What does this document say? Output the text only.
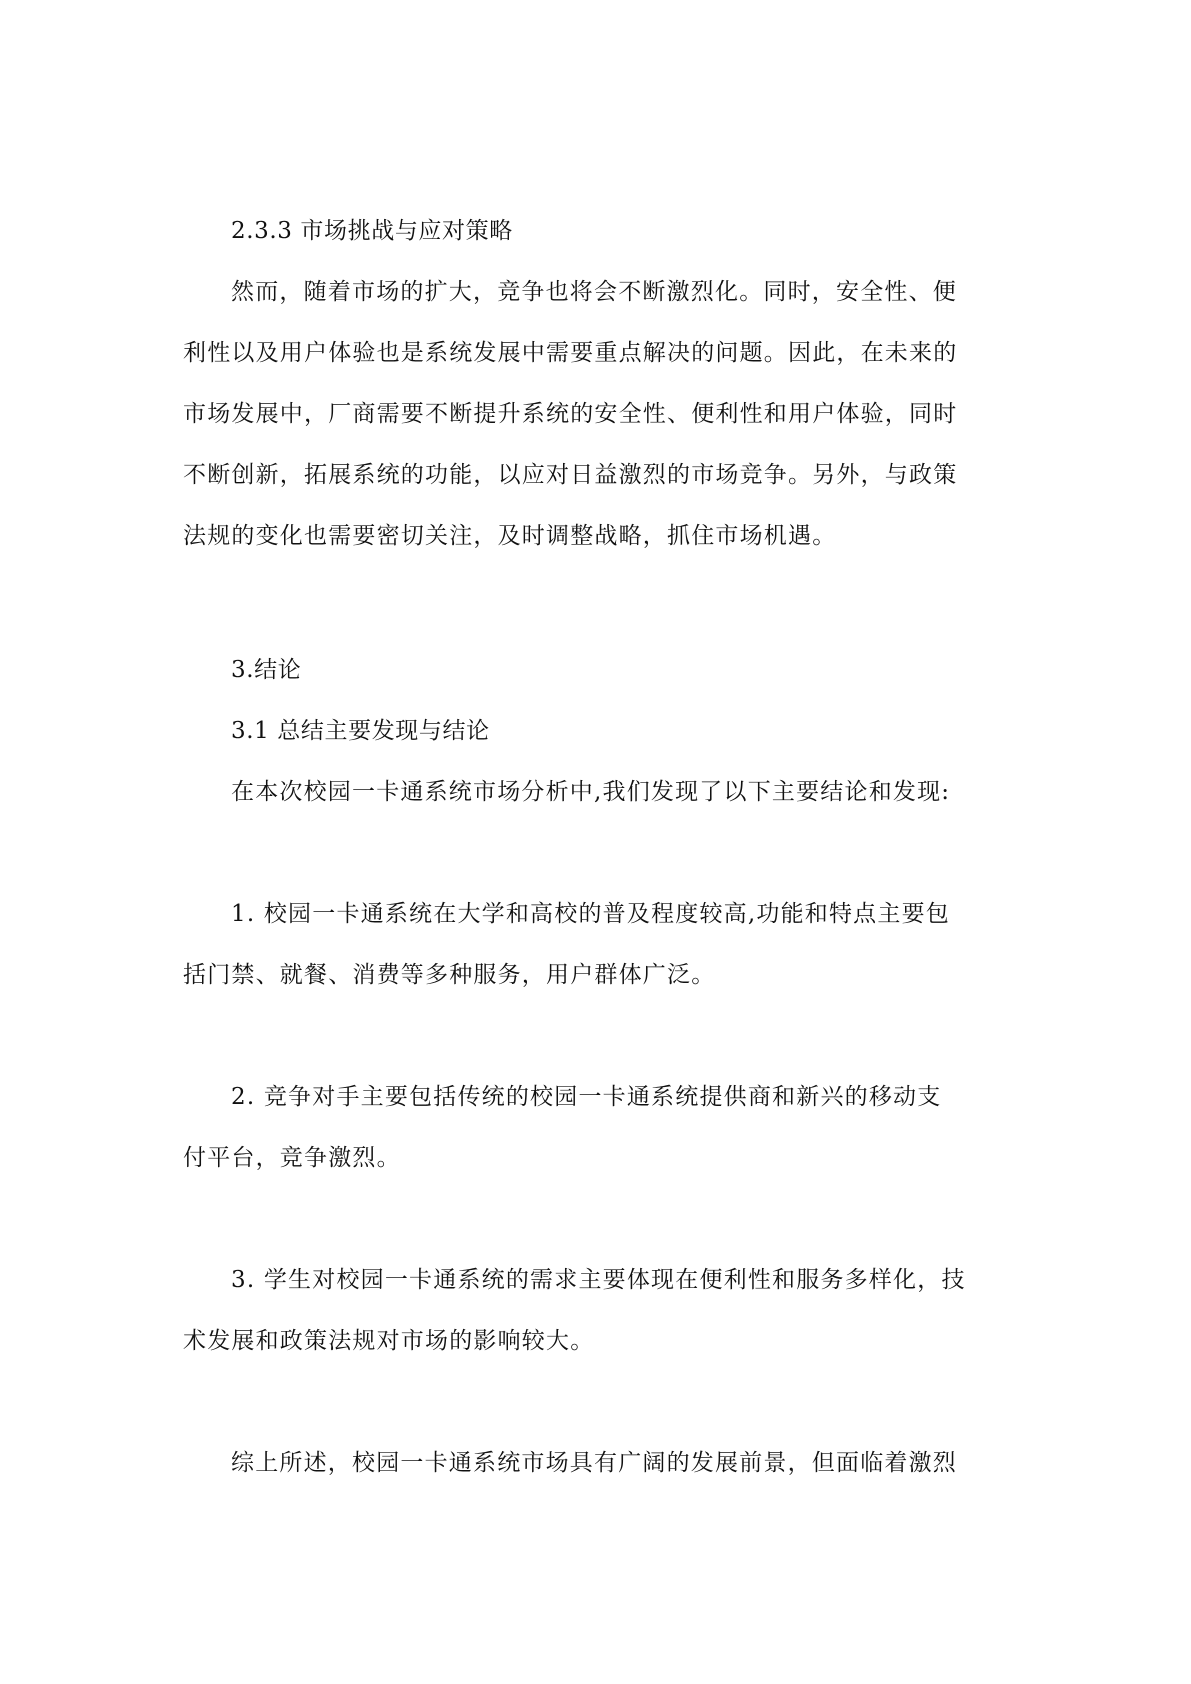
2.3.3 市场挑战与应对策略
然而，随着市场的扩大，竞争也将会不断激烈化。同时，安全性、便
利性以及用户体验也是系统发展中需要重点解决的问题。因此，在未来的
市场发展中，厂商需要不断提升系统的安全性、便利性和用户体验，同时
不断创新，拓展系统的功能，以应对日益激烈的市场竞争。另外，与政策
法规的变化也需要密切关注，及时调整战略，抓住市场机遇。
3.结论
3.1 总结主要发现与结论
在本次校园一卡通系统市场分析中,我们发现了以下主要结论和发现:
1. 校园一卡通系统在大学和高校的普及程度较高,功能和特点主要包
括门禁、就餐、消费等多种服务，用户群体广泛。
2. 竞争对手主要包括传统的校园一卡通系统提供商和新兴的移动支
付平台，竞争激烈。
3. 学生对校园一卡通系统的需求主要体现在便利性和服务多样化，技
术发展和政策法规对市场的影响较大。
综上所述，校园一卡通系统市场具有广阔的发展前景，但面临着激烈
